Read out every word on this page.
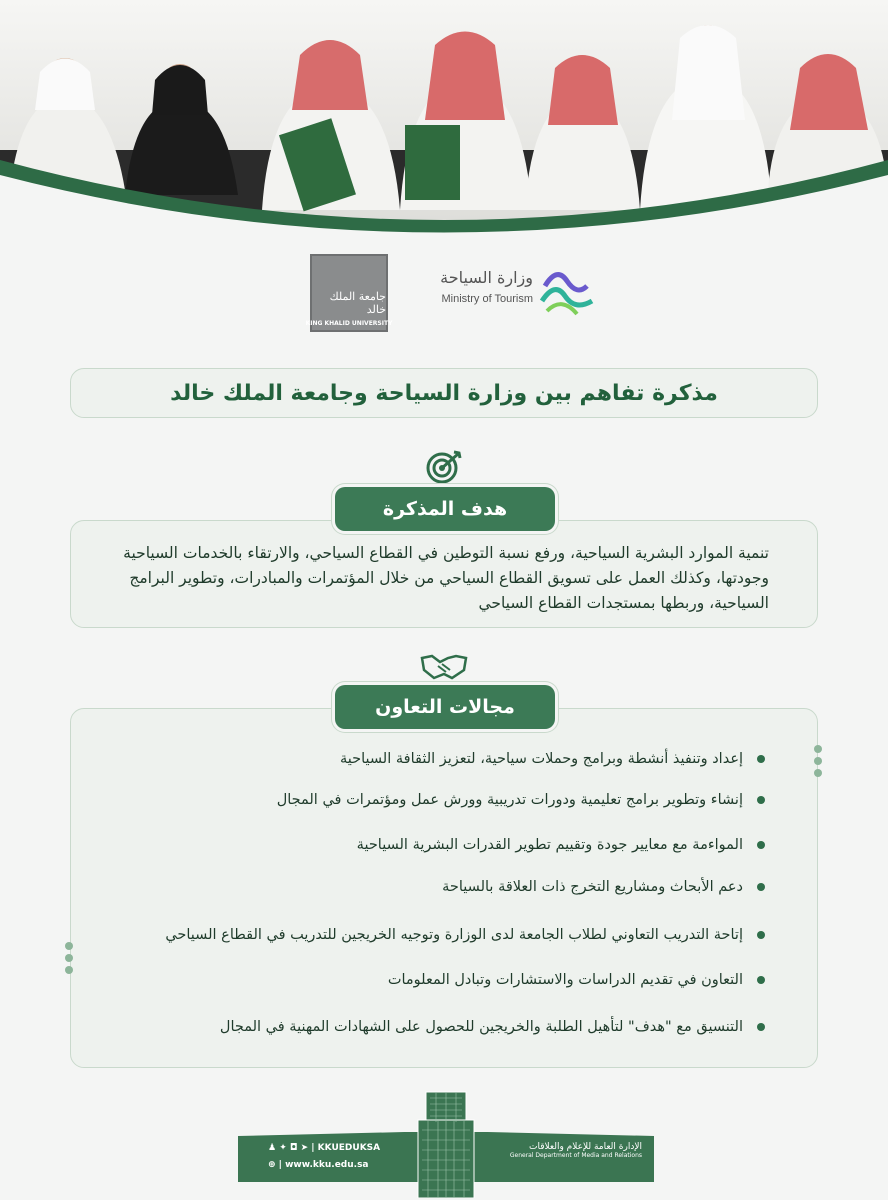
جامعة الملك خالد
KING KHALID UNIVERSITY
وزارة السياحة
Ministry of Tourism
مذكرة تفاهم بين وزارة السياحة وجامعة الملك خالد
هدف المذكرة

تنمية الموارد البشرية السياحية، ورفع نسبة التوطين في القطاع السياحي، والارتقاء بالخدمات السياحية وجودتها، وكذلك العمل على تسويق القطاع السياحي من خلال المؤتمرات والمبادرات، وتطوير البرامج السياحية، وربطها بمستجدات القطاع السياحي

مجالات التعاون
إعداد وتنفيذ أنشطة وبرامج وحملات سياحية، لتعزيز الثقافة السياحية
إنشاء وتطوير برامج تعليمية ودورات تدريبية وورش عمل ومؤتمرات في المجال
المواءمة مع معايير جودة وتقييم تطوير القدرات البشرية السياحية
دعم الأبحاث ومشاريع التخرج ذات العلاقة بالسياحة
إتاحة التدريب التعاوني لطلاب الجامعة لدى الوزارة وتوجيه الخريجين للتدريب في القطاع السياحي
التعاون في تقديم الدراسات والاستشارات وتبادل المعلومات
التنسيق مع "هدف" لتأهيل الطلبة والخريجين للحصول على الشهادات المهنية في المجال
♟ ✦ ◘ ➤ | KKUEDUKSA
⊕ | www.kku.edu.sa
الإدارة العامة للإعلام والعلاقات
General Department of Media and Relations
